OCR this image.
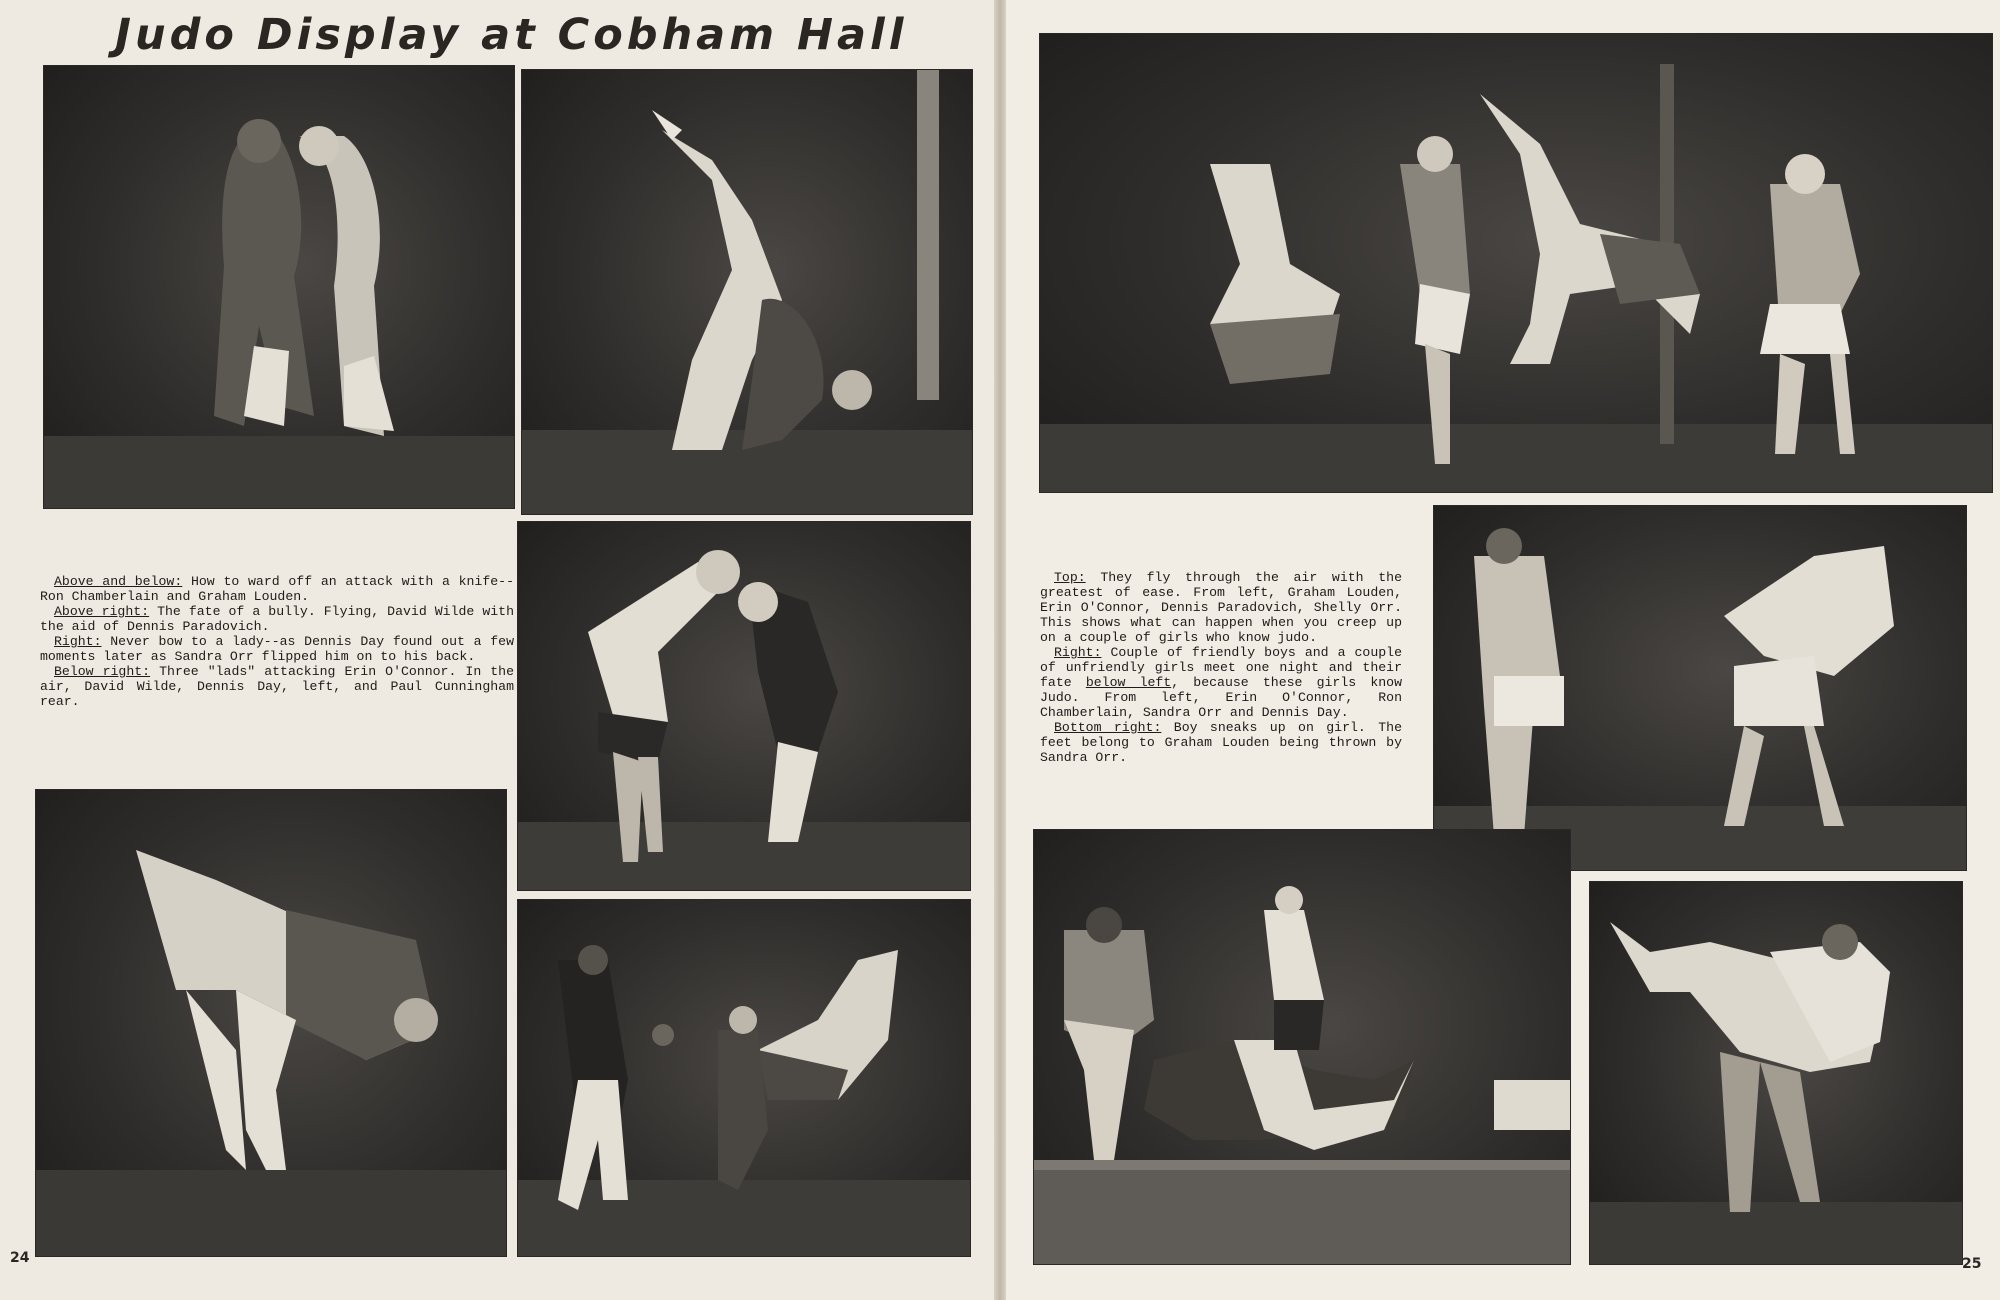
Judo Display at Cobham Hall

Above and below: How to ward off an attack with a knife--Ron Chamberlain and Graham Louden.

Above right: The fate of a bully. Flying, David Wilde with the aid of Dennis Paradovich.

Right: Never bow to a lady--as Dennis Day found out a few moments later as Sandra Orr flipped him on to his back.

Below right: Three "lads" attacking Erin O'Connor. In the air, David Wilde, Dennis Day, left, and Paul Cunningham rear.

24

Top: They fly through the air with the greatest of ease. From left, Graham Louden, Erin O'Connor, Dennis Paradovich, Shelly Orr. This shows what can happen when you creep up on a couple of girls who know judo.

Right: Couple of friendly boys and a couple of unfriendly girls meet one night and their fate below left, because these girls know Judo. From left, Erin O'Connor, Ron Chamberlain, Sandra Orr and Dennis Day.

Bottom right: Boy sneaks up on girl. The feet belong to Graham Louden being thrown by Sandra Orr.

25
